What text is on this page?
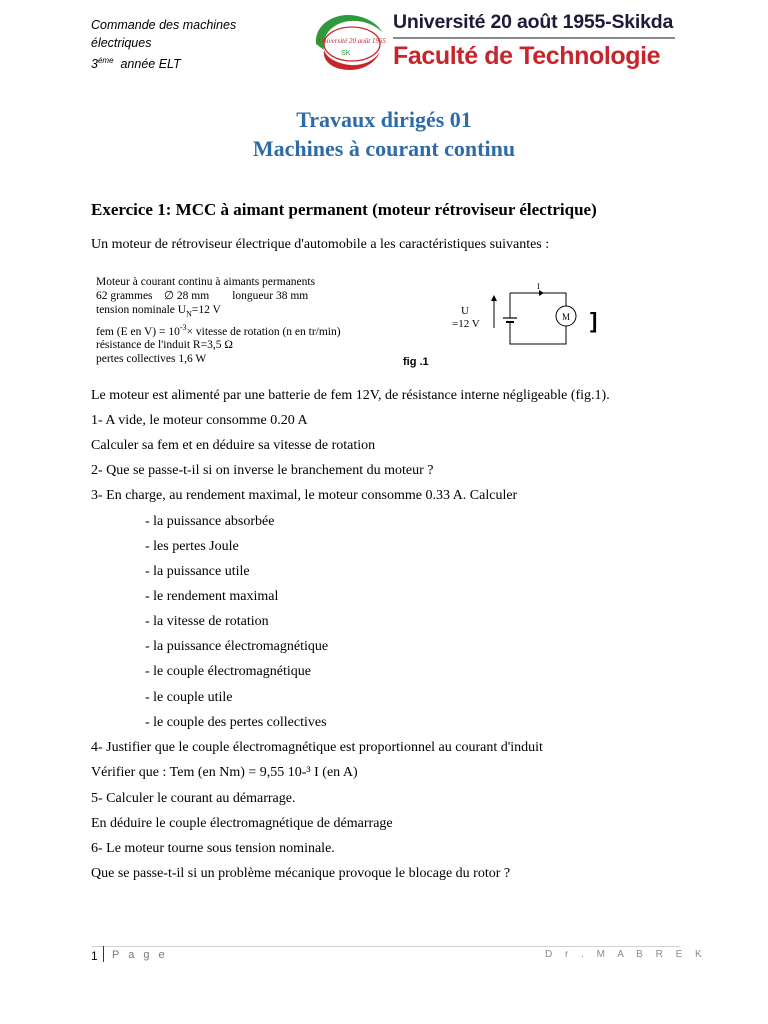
Commande des machines
électriques
$3^{éme}$ année ELT
Université 20 août 1955
SK
Université 20 août 1955-Skikda
Faculté de Technologie
Travaux dirigés 01
Machines à courant continu
Exercice 1: MCC à aimant permanent (moteur rétroviseur électrique)
Un moteur de rétroviseur électrique d'automobile a les caractéristiques suivantes :
Moteur à courant continu à aimants permanents
62 grammes ∅ 28 mm longueur 38 mm
tension nominale $U_N=12$ V
fem (E en $V) = 10^{-3}\times$ vitesse de rotation (n en tr/min)
résistance de l'induit R=3,5 Ω
pertes collectives 1,6 W
U
=12 V
I
M ]
fig .1
Le moteur est alimenté par une batterie de fem 12V, de résistance interne négligeable (fig.1).
1- A vide, le moteur consomme 0.20 A
Calculer sa fem et en déduire sa vitesse de rotation
2- Que se passe-t-il si on inverse le branchement du moteur ?
3- En charge, au rendement maximal, le moteur consomme 0.33 A. Calculer
- la puissance absorbée
- les pertes Joule
- la puissance utile
- le rendement maximal
- la vitesse de rotation
- la puissance électromagnétique
- le couple électromagnétique
- le couple utile
- le couple des pertes collectives
4- Justifier que le couple électromagnétique est proportionnel au courant d'induit
Vérifier que : Tem (en Nm) = 9,55 10-³ I (en A)
5- Calculer le courant au démarrage.
En déduire le couple électromagnétique de démarrage
6- Le moteur tourne sous tension nominale.
Que se passe-t-il si un problème mécanique provoque le blocage du rotor ?
1 P a g e	D r . M A B R E K
